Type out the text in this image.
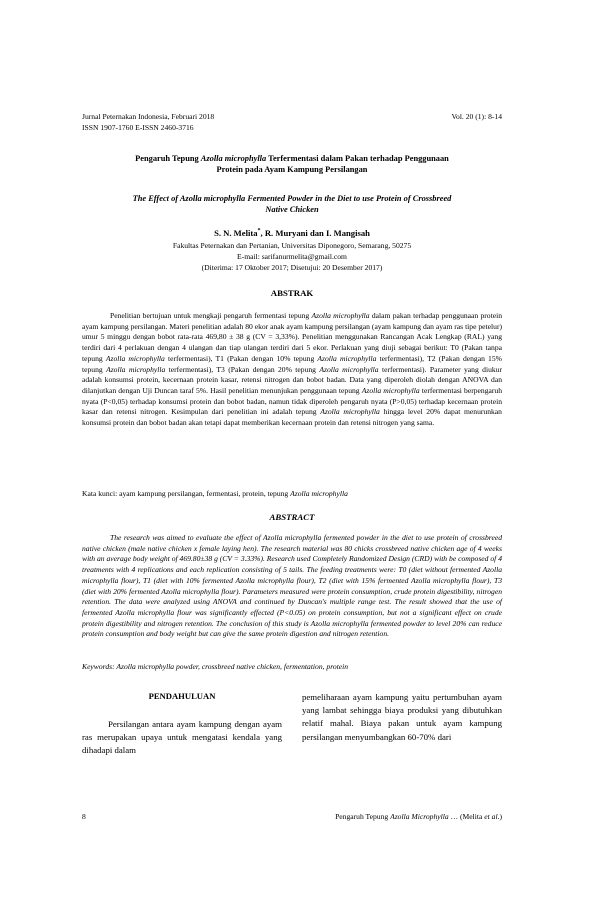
Jurnal Peternakan Indonesia, Februari 2018
ISSN 1907-1760 E-ISSN 2460-3716
Vol. 20 (1): 8-14
Pengaruh Tepung Azolla microphylla Terfermentasi dalam Pakan terhadap Penggunaan
Protein pada Ayam Kampung Persilangan
The Effect of Azolla microphylla Fermented Powder in the Diet to use Protein of Crossbreed
Native Chicken
S. N. Melita*, R. Muryani dan I. Mangisah
Fakultas Peternakan dan Pertanian, Universitas Diponegoro, Semarang, 50275
E-mail: sarifanurmelita@gmail.com
(Diterima: 17 Oktober 2017; Disetujui: 20 Desember 2017)
ABSTRAK

Penelitian bertujuan untuk mengkaji pengaruh fermentasi tepung Azolla microphylla dalam pakan terhadap penggunaan protein ayam kampung persilangan. Materi penelitian adalah 80 ekor anak ayam kampung persilangan (ayam kampung dan ayam ras tipe petelur) umur 5 minggu dengan bobot rata-rata 469,80 ± 38 g (CV = 3,33%). Penelitian menggunakan Rancangan Acak Lengkap (RAL) yang terdiri dari 4 perlakuan dengan 4 ulangan dan tiap ulangan terdiri dari 5 ekor. Perlakuan yang diuji sebagai berikut: T0 (Pakan tanpa tepung Azolla microphylla terfermentasi), T1 (Pakan dengan 10% tepung Azolla microphylla terfermentasi), T2 (Pakan dengan 15% tepung Azolla microphylla terfermentasi), T3 (Pakan dengan 20% tepung Azolla microphylla terfermentasi). Parameter yang diukur adalah konsumsi protein, kecernaan protein kasar, retensi nitrogen dan bobot badan. Data yang diperoleh diolah dengan ANOVA dan dilanjutkan dengan Uji Duncan taraf 5%. Hasil penelitian menunjukan penggunaan tepung Azolla microphylla terfermentasi berpengaruh nyata (P<0,05) terhadap konsumsi protein dan bobot badan, namun tidak diperoleh pengaruh nyata (P>0,05) terhadap kecernaan protein kasar dan retensi nitrogen. Kesimpulan dari penelitian ini adalah tepung Azolla microphylla hingga level 20% dapat menurunkan konsumsi protein dan bobot badan akan tetapi dapat memberikan kecernaan protein dan retensi nitrogen yang sama.

Kata kunci: ayam kampung persilangan, fermentasi, protein, tepung Azolla microphylla
ABSTRACT

The research was aimed to evaluate the effect of Azolla microphylla fermented powder in the diet to use protein of crossbreed native chicken (male native chicken x female laying hen). The research material was 80 chicks crossbreed native chicken age of 4 weeks with an average body weight of 469.80±38 g (CV = 3.33%). Research used Completely Randomized Design (CRD) with be composed of 4 treatments with 4 replications and each replication consisting of 5 tails. The feeding treatments were: T0 (diet without fermented Azolla microphylla flour), T1 (diet with 10% fermented Azolla microphylla flour), T2 (diet with 15% fermented Azolla microphylla flour), T3 (diet with 20% fermented Azolla microphylla flour). Parameters measured were protein consumption, crude protein digestibility, nitrogen retention. The data were analyzed using ANOVA and continued by Duncan's multiple range test. The result showed that the use of fermented Azolla microphylla flour was significantly effected (P<0.05) on protein consumption, but not a significant effect on crude protein digestibility and nitrogen retention. The conclusion of this study is Azolla microphylla fermented powder to level 20% can reduce protein consumption and body weight but can give the same protein digestion and nitrogen retention.

Keywords: Azolla microphylla powder, crossbreed native chicken, fermentation, protein
PENDAHULUAN

Persilangan antara ayam kampung dengan ayam ras merupakan upaya untuk mengatasi kendala yang dihadapi dalam

pemeliharaan ayam kampung yaitu pertumbuhan ayam yang lambat sehingga biaya produksi yang dibutuhkan relatif mahal. Biaya pakan untuk ayam kampung persilangan menyumbangkan 60-70% dari

8	Pengaruh Tepung Azolla Microphylla … (Melita et al.)
